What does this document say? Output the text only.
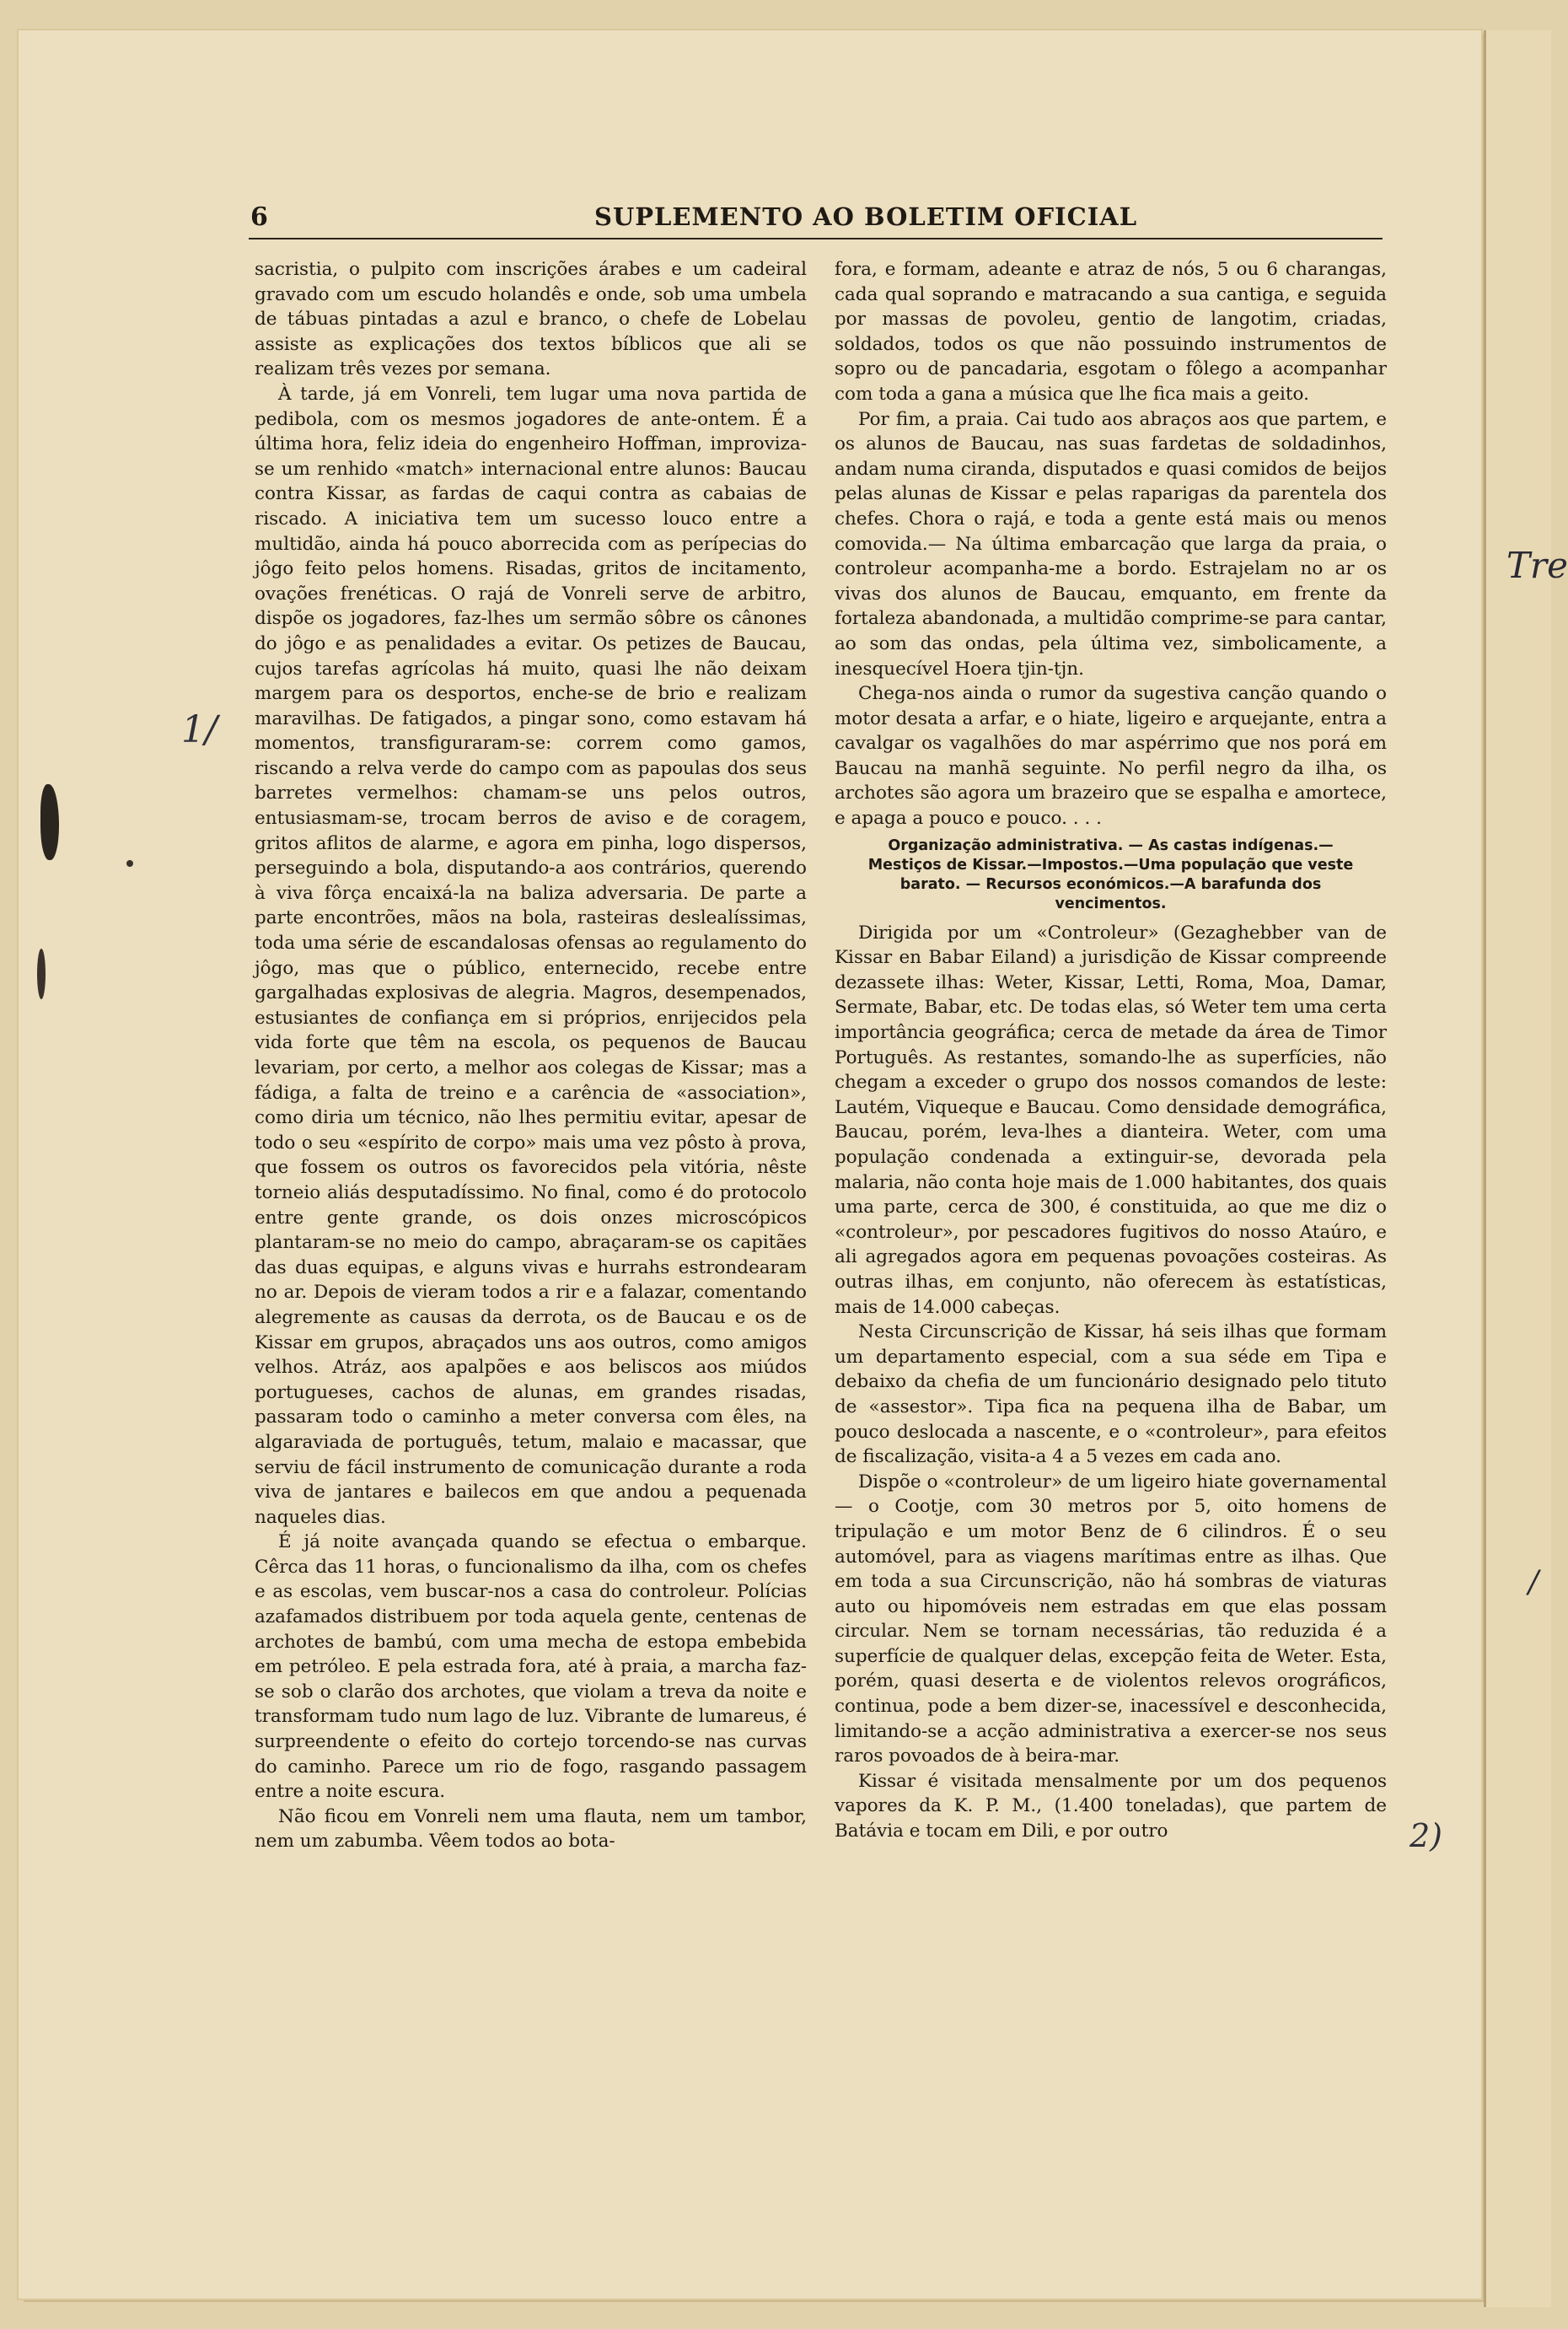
Tre
/
1/
2)
6	SUPLEMENTO AO BOLETIM OFICIAL

sacristia, o pulpito com inscrições árabes e um cadeiral gravado com um escudo holandês e onde, sob uma umbela de tábuas pintadas a azul e branco, o chefe de Lobelau assiste as explicações dos textos bíblicos que ali se realizam três vezes por semana.

À tarde, já em Vonreli, tem lugar uma nova partida de pedibola, com os mesmos jogadores de ante-ontem. É a última hora, feliz ideia do engenheiro Hoffman, improviza-se um renhido «match» internacional entre alunos: Baucau contra Kissar, as fardas de caqui contra as cabaias de riscado. A iniciativa tem um sucesso louco entre a multidão, ainda há pouco aborrecida com as perípecias do jôgo feito pelos homens. Risadas, gritos de incitamento, ovações frenéticas. O rajá de Vonreli serve de arbitro, dispõe os jogadores, faz-lhes um sermão sôbre os cânones do jôgo e as penalidades a evitar. Os petizes de Baucau, cujos tarefas agrícolas há muito, quasi lhe não deixam margem para os desportos, enche-se de brio e realizam maravilhas. De fatigados, a pingar sono, como estavam há momentos, transfiguraram-se: correm como gamos, riscando a relva verde do campo com as papoulas dos seus barretes vermelhos: chamam-se uns pelos outros, entusiasmam-se, trocam berros de aviso e de coragem, gritos aflitos de alarme, e agora em pinha, logo dispersos, perseguindo a bola, disputando-a aos contrários, querendo à viva fôrça encaixá-la na baliza adversaria. De parte a parte encontrões, mãos na bola, rasteiras deslealíssimas, toda uma série de escandalosas ofensas ao regulamento do jôgo, mas que o público, enternecido, recebe entre gargalhadas explosivas de alegria. Magros, desempenados, estusiantes de confiança em si próprios, enrijecidos pela vida forte que têm na escola, os pequenos de Baucau levariam, por certo, a melhor aos colegas de Kissar; mas a fádiga, a falta de treino e a carência de «association», como diria um técnico, não lhes permitiu evitar, apesar de todo o seu «espírito de corpo» mais uma vez pôsto à prova, que fossem os outros os favorecidos pela vitória, nêste torneio aliás desputadíssimo. No final, como é do protocolo entre gente grande, os dois onzes microscópicos plantaram-se no meio do campo, abraçaram-se os capitães das duas equipas, e alguns vivas e hurrahs estrondearam no ar. Depois de vieram todos a rir e a falazar, comentando alegremente as causas da derrota, os de Baucau e os de Kissar em grupos, abraçados uns aos outros, como amigos velhos. Atráz, aos apalpões e aos beliscos aos miúdos portugueses, cachos de alunas, em grandes risadas, passaram todo o caminho a meter conversa com êles, na algaraviada de português, tetum, malaio e macassar, que serviu de fácil instrumento de comunicação durante a roda viva de jantares e bailecos em que andou a pequenada naqueles dias.

É já noite avançada quando se efectua o embarque. Cêrca das 11 horas, o funcionalismo da ilha, com os chefes e as escolas, vem buscar-nos a casa do controleur. Polícias azafamados distribuem por toda aquela gente, centenas de archotes de bambú, com uma mecha de estopa embebida em petróleo. E pela estrada fora, até à praia, a marcha faz-se sob o clarão dos archotes, que violam a treva da noite e transformam tudo num lago de luz. Vibrante de lumareus, é surpreendente o efeito do cortejo torcendo-se nas curvas do caminho. Parece um rio de fogo, rasgando passagem entre a noite escura.

Não ficou em Vonreli nem uma flauta, nem um tambor, nem um zabumba. Vêem todos ao bota-

fora, e formam, adeante e atraz de nós, 5 ou 6 charangas, cada qual soprando e matracando a sua cantiga, e seguida por massas de povoleu, gentio de langotim, criadas, soldados, todos os que não possuindo instrumentos de sopro ou de pancadaria, esgotam o fôlego a acompanhar com toda a gana a música que lhe fica mais a geito.

Por fim, a praia. Cai tudo aos abraços aos que partem, e os alunos de Baucau, nas suas fardetas de soldadinhos, andam numa ciranda, disputados e quasi comidos de beijos pelas alunas de Kissar e pelas raparigas da parentela dos chefes. Chora o rajá, e toda a gente está mais ou menos comovida.— Na última embarcação que larga da praia, o controleur acompanha-me a bordo. Estrajelam no ar os vivas dos alunos de Baucau, emquanto, em frente da fortaleza abandonada, a multidão comprime-se para cantar, ao som das ondas, pela última vez, simbolicamente, a inesquecível Hoera tjin-tjn.

Chega-nos ainda o rumor da sugestiva canção quando o motor desata a arfar, e o hiate, ligeiro e arquejante, entra a cavalgar os vagalhões do mar aspérrimo que nos porá em Baucau na manhã seguinte. No perfil negro da ilha, os archotes são agora um brazeiro que se espalha e amortece, e apaga a pouco e pouco. . . .

Organização administrativa. — As castas indígenas.— Mestiços de Kissar.—Impostos.—Uma população que veste barato. — Recursos económicos.—A barafunda dos vencimentos.

Dirigida por um «Controleur» (Gezaghebber van de Kissar en Babar Eiland) a jurisdição de Kissar compreende dezassete ilhas: Weter, Kissar, Letti, Roma, Moa, Damar, Sermate, Babar, etc. De todas elas, só Weter tem uma certa importância geográfica; cerca de metade da área de Timor Português. As restantes, somando-lhe as superfícies, não chegam a exceder o grupo dos nossos comandos de leste: Lautém, Viqueque e Baucau. Como densidade demográfica, Baucau, porém, leva-lhes a dianteira. Weter, com uma população condenada a extinguir-se, devorada pela malaria, não conta hoje mais de 1.000 habitantes, dos quais uma parte, cerca de 300, é constituida, ao que me diz o «controleur», por pescadores fugitivos do nosso Ataúro, e ali agregados agora em pequenas povoações costeiras. As outras ilhas, em conjunto, não oferecem às estatísticas, mais de 14.000 cabeças.

Nesta Circunscrição de Kissar, há seis ilhas que formam um departamento especial, com a sua séde em Tipa e debaixo da chefia de um funcionário designado pelo tituto de «assestor». Tipa fica na pequena ilha de Babar, um pouco deslocada a nascente, e o «controleur», para efeitos de fiscalização, visita-a 4 a 5 vezes em cada ano.

Dispõe o «controleur» de um ligeiro hiate governamental — o Cootje, com 30 metros por 5, oito homens de tripulação e um motor Benz de 6 cilindros. É o seu automóvel, para as viagens marítimas entre as ilhas. Que em toda a sua Circunscrição, não há sombras de viaturas auto ou hipomóveis nem estradas em que elas possam circular. Nem se tornam necessárias, tão reduzida é a superfície de qualquer delas, excepção feita de Weter. Esta, porém, quasi deserta e de violentos relevos orográficos, continua, pode a bem dizer-se, inacessível e desconhecida, limitando-se a acção administrativa a exercer-se nos seus raros povoados de à beira-mar.

Kissar é visitada mensalmente por um dos pequenos vapores da K. P. M., (1.400 toneladas), que partem de Batávia e tocam em Dili, e por outro
